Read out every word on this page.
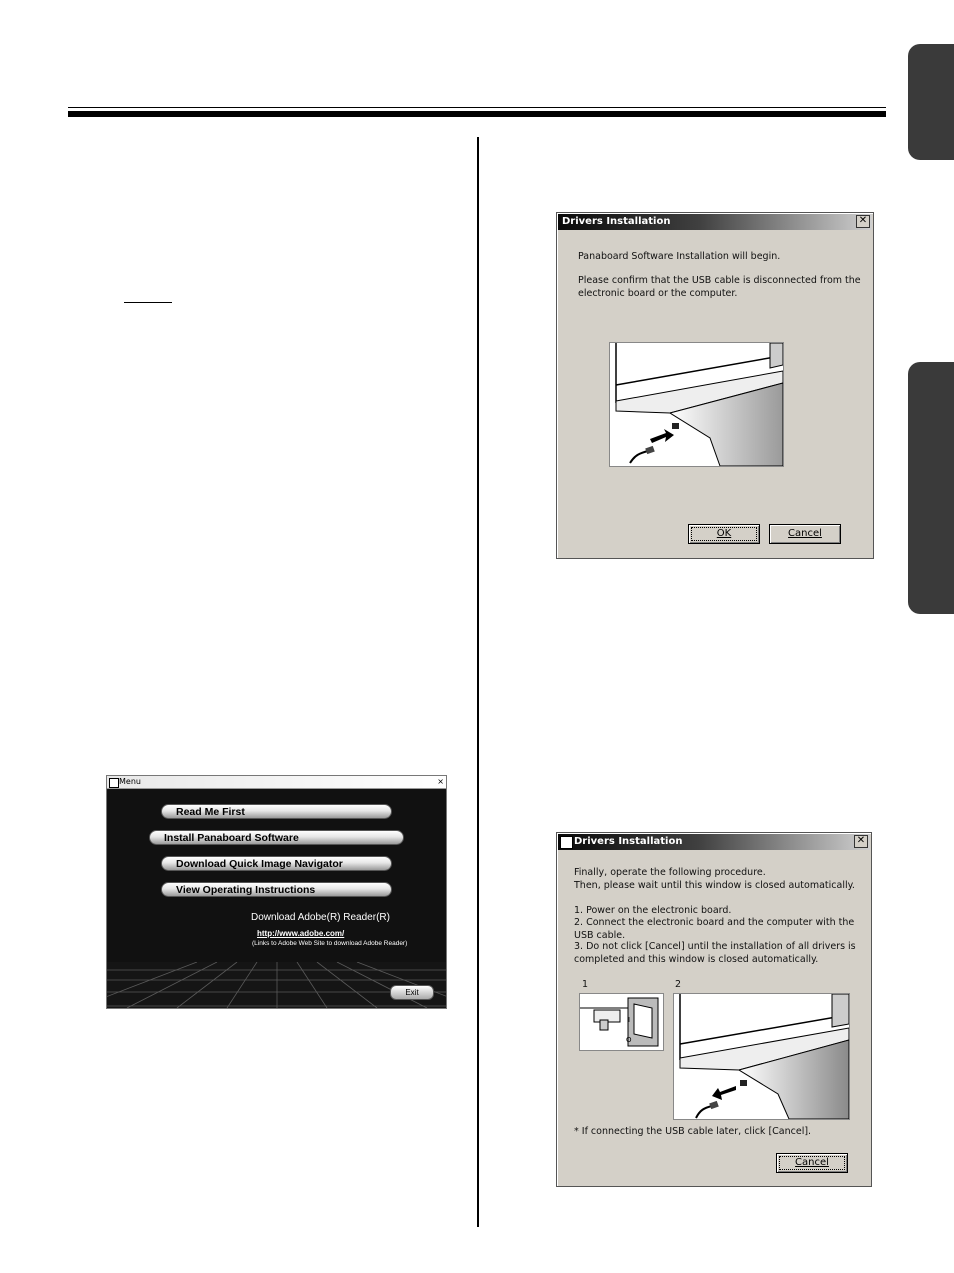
Drivers Installation	✕
Panaboard Software Installation will begin.
Please confirm that the USB cable is disconnected from the electronic board or the computer.
OK	Cancel
Menu	×
Read Me First
Install Panaboard Software
Download Quick Image Navigator
View Operating Instructions
Download Adobe(R) Reader(R)
http://www.adobe.com/
(Links to Adobe Web Site to download Adobe Reader)
Exit
Drivers Installation	✕
Finally, operate the following procedure.
Then, please wait until this window is closed automatically.
1. Power on the electronic board.
2. Connect the electronic board and the computer with the USB cable.
3. Do not click [Cancel] until the installation of all drivers is completed and this window is closed automatically.
1	2
I
O
* If connecting the USB cable later, click [Cancel].
Cancel
